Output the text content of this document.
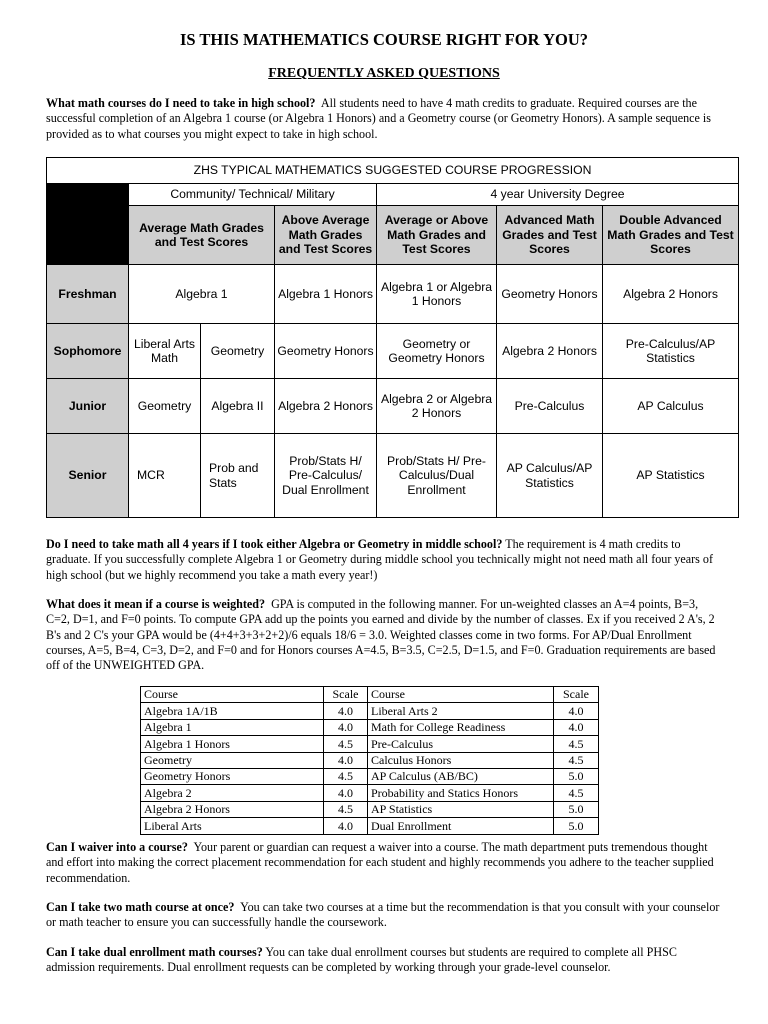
IS THIS MATHEMATICS COURSE RIGHT FOR YOU?
FREQUENTLY ASKED QUESTIONS

What math courses do I need to take in high school? All students need to have 4 math credits to graduate. Required courses are the successful completion of an Algebra 1 course (or Algebra 1 Honors) and a Geometry course (or Geometry Honors). A sample sequence is provided as to what courses you might expect to take in high school.

ZHS TYPICAL MATHEMATICS SUGGESTED COURSE PROGRESSION						
	Community/ Technical/ Military			4 year University Degree		
	Average Math Grades and Test Scores		Above Average Math Grades and Test Scores	Average or Above Math Grades and Test Scores	Advanced Math Grades and Test Scores	Double Advanced Math Grades and Test Scores
Freshman	Algebra 1		Algebra 1 Honors	Algebra 1 or Algebra 1 Honors	Geometry Honors	Algebra 2 Honors
Sophomore	Liberal Arts Math	Geometry	Geometry Honors	Geometry or Geometry Honors	Algebra 2 Honors	Pre-Calculus/AP Statistics
Junior	Geometry	Algebra II	Algebra 2 Honors	Algebra 2 or Algebra 2 Honors	Pre-Calculus	AP Calculus
Senior	MCR	Prob and Stats	Prob/Stats H/ Pre-Calculus/ Dual Enrollment	Prob/Stats H/ Pre-Calculus/Dual Enrollment	AP Calculus/AP Statistics	AP Statistics

Do I need to take math all 4 years if I took either Algebra or Geometry in middle school? The requirement is 4 math credits to graduate. If you successfully complete Algebra 1 or Geometry during middle school you technically might not need math all four years of high school (but we highly recommend you take a math every year!)

What does it mean if a course is weighted? GPA is computed in the following manner. For un-weighted classes an A=4 points, B=3, C=2, D=1, and F=0 points. To compute GPA add up the points you earned and divide by the number of classes. Ex if you received 2 A's, 2 B's and 2 C's your GPA would be (4+4+3+3+2+2)/6 equals 18/6 = 3.0. Weighted classes come in two forms. For AP/Dual Enrollment courses, A=5, B=4, C=3, D=2, and F=0 and for Honors courses A=4.5, B=3.5, C=2.5, D=1.5, and F=0. Graduation requirements are based off of the UNWEIGHTED GPA.

Course	Scale	Course	Scale
Algebra 1A/1B	4.0	Liberal Arts 2	4.0
Algebra 1	4.0	Math for College Readiness	4.0
Algebra 1 Honors	4.5	Pre-Calculus	4.5
Geometry	4.0	Calculus Honors	4.5
Geometry Honors	4.5	AP Calculus (AB/BC)	5.0
Algebra 2	4.0	Probability and Statics Honors	4.5
Algebra 2 Honors	4.5	AP Statistics	5.0
Liberal Arts	4.0	Dual Enrollment	5.0

Can I waiver into a course? Your parent or guardian can request a waiver into a course. The math department puts tremendous thought and effort into making the correct placement recommendation for each student and highly recommends you adhere to the teacher supplied recommendation.

Can I take two math course at once? You can take two courses at a time but the recommendation is that you consult with your counselor or math teacher to ensure you can successfully handle the coursework.

Can I take dual enrollment math courses? You can take dual enrollment courses but students are required to complete all PHSC admission requirements. Dual enrollment requests can be completed by working through your grade-level counselor.
